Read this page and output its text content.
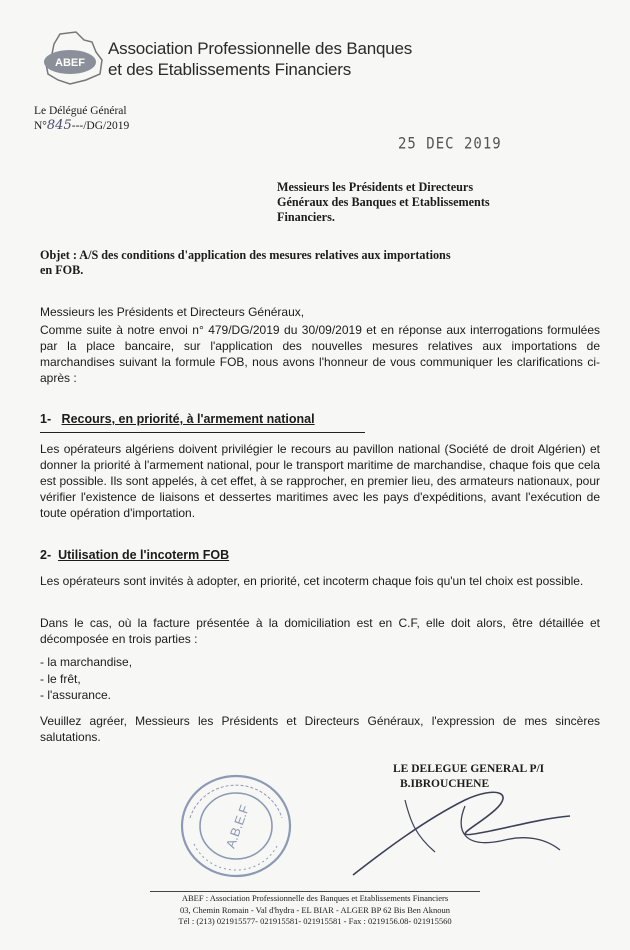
ABEF
Association Professionnelle des Banques
et des Etablissements Financiers
Le Délégué Général
N°845---/DG/2019
25 DEC 2019
Messieurs les Présidents et Directeurs
Généraux des Banques et Etablissements
Financiers.
Objet : A/S des conditions d'application des mesures relatives aux importations
en FOB.
Messieurs les Présidents et Directeurs Généraux,
Comme suite à notre envoi n° 479/DG/2019 du 30/09/2019 et en réponse aux interrogations formulées par la place bancaire, sur l'application des nouvelles mesures relatives aux importations de marchandises suivant la formule FOB, nous avons l'honneur de vous communiquer les clarifications ci-après :
1- Recours, en priorité, à l'armement national
Les opérateurs algériens doivent privilégier le recours au pavillon national (Société de droit Algérien) et donner la priorité à l'armement national, pour le transport maritime de marchandise, chaque fois que cela est possible. Ils sont appelés, à cet effet, à se rapprocher, en premier lieu, des armateurs nationaux, pour vérifier l'existence de liaisons et dessertes maritimes avec les pays d'expéditions, avant l'exécution de toute opération d'importation.
2- Utilisation de l'incoterm FOB
Les opérateurs sont invités à adopter, en priorité, cet incoterm chaque fois qu'un tel choix est possible.
Dans le cas, où la facture présentée à la domiciliation est en C.F, elle doit alors, être détaillée et décomposée en trois parties :
- la marchandise,
- le frêt,
- l'assurance.
Veuillez agréer, Messieurs les Présidents et Directeurs Généraux, l'expression de mes sincères salutations.
A.B.E.F
LE DELEGUE GENERAL P/I
B.IBROUCHENE
ABEF : Association Professionnelle des Banques et Etablissements Financiers
03, Chemin Romain - Val d'hydra - EL BIAR - ALGER BP 62 Bis Ben Aknoun
Tél : (213) 021915577- 021915581- 021915581 - Fax : 0219156.08- 021915560
